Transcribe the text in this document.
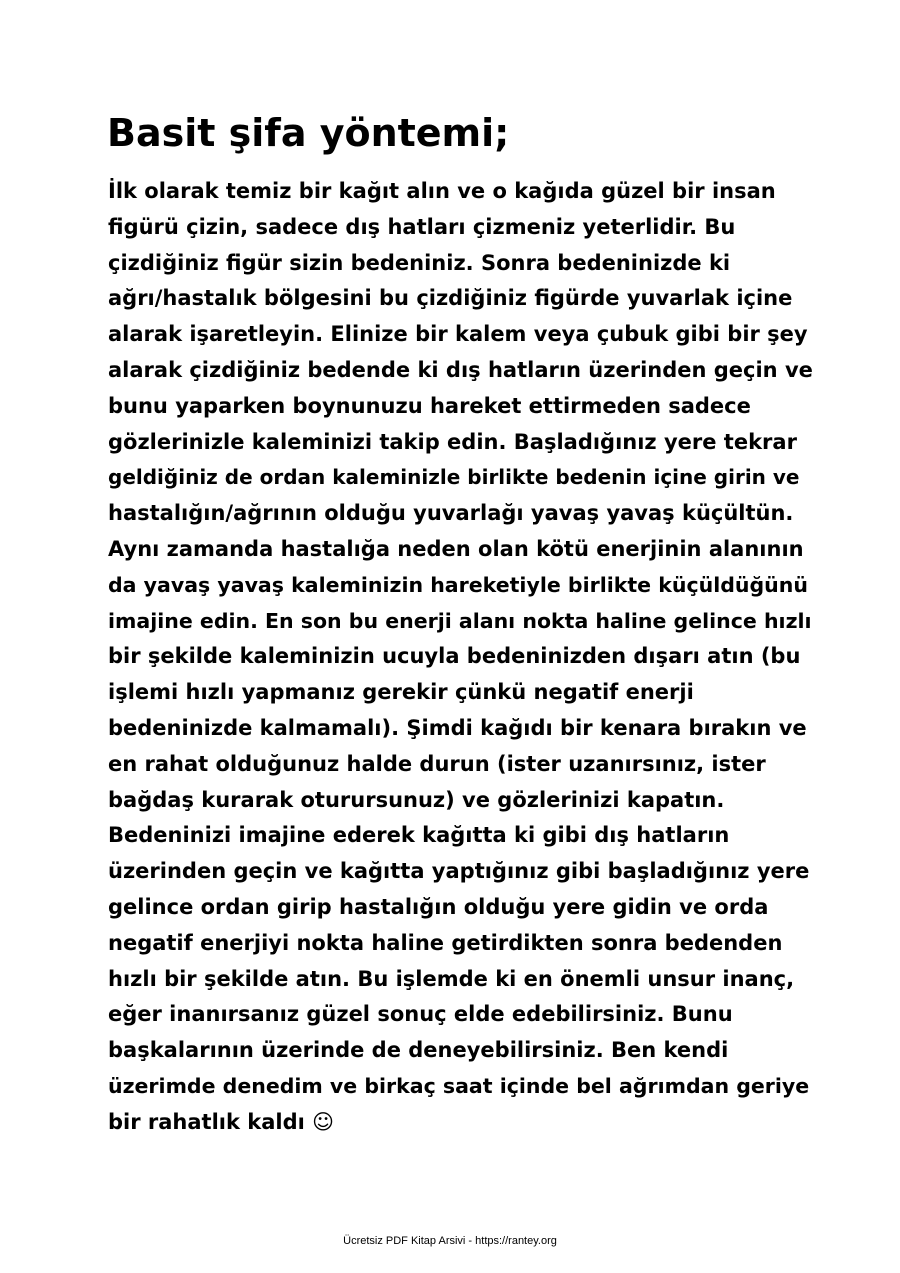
Basit şifa yöntemi;
İlk olarak temiz bir kağıt alın ve o kağıda güzel bir insan
figürü çizin, sadece dış hatları çizmeniz yeterlidir. Bu
çizdiğiniz figür sizin bedeniniz. Sonra bedeninizde ki
ağrı/hastalık bölgesini bu çizdiğiniz figürde yuvarlak içine
alarak işaretleyin. Elinize bir kalem veya çubuk gibi bir şey
alarak çizdiğiniz bedende ki dış hatların üzerinden geçin ve
bunu yaparken boynunuzu hareket ettirmeden sadece
gözlerinizle kaleminizi takip edin. Başladığınız yere tekrar
geldiğiniz de ordan kaleminizle birlikte bedenin içine girin ve
hastalığın/ağrının olduğu yuvarlağı yavaş yavaş küçültün.
Aynı zamanda hastalığa neden olan kötü enerjinin alanının
da yavaş yavaş kaleminizin hareketiyle birlikte küçüldüğünü
imajine edin. En son bu enerji alanı nokta haline gelince hızlı
bir şekilde kaleminizin ucuyla bedeninizden dışarı atın (bu
işlemi hızlı yapmanız gerekir çünkü negatif enerji
bedeninizde kalmamalı). Şimdi kağıdı bir kenara bırakın ve
en rahat olduğunuz halde durun (ister uzanırsınız, ister
bağdaş kurarak oturursunuz) ve gözlerinizi kapatın.
Bedeninizi imajine ederek kağıtta ki gibi dış hatların
üzerinden geçin ve kağıtta yaptığınız gibi başladığınız yere
gelince ordan girip hastalığın olduğu yere gidin ve orda
negatif enerjiyi nokta haline getirdikten sonra bedenden
hızlı bir şekilde atın. Bu işlemde ki en önemli unsur inanç,
eğer inanırsanız güzel sonuç elde edebilirsiniz. Bunu
başkalarının üzerinde de deneyebilirsiniz. Ben kendi
üzerimde denedim ve birkaç saat içinde bel ağrımdan geriye
bir rahatlık kaldı ☺
Ücretsiz PDF Kitap Arsivi - https://rantey.org
